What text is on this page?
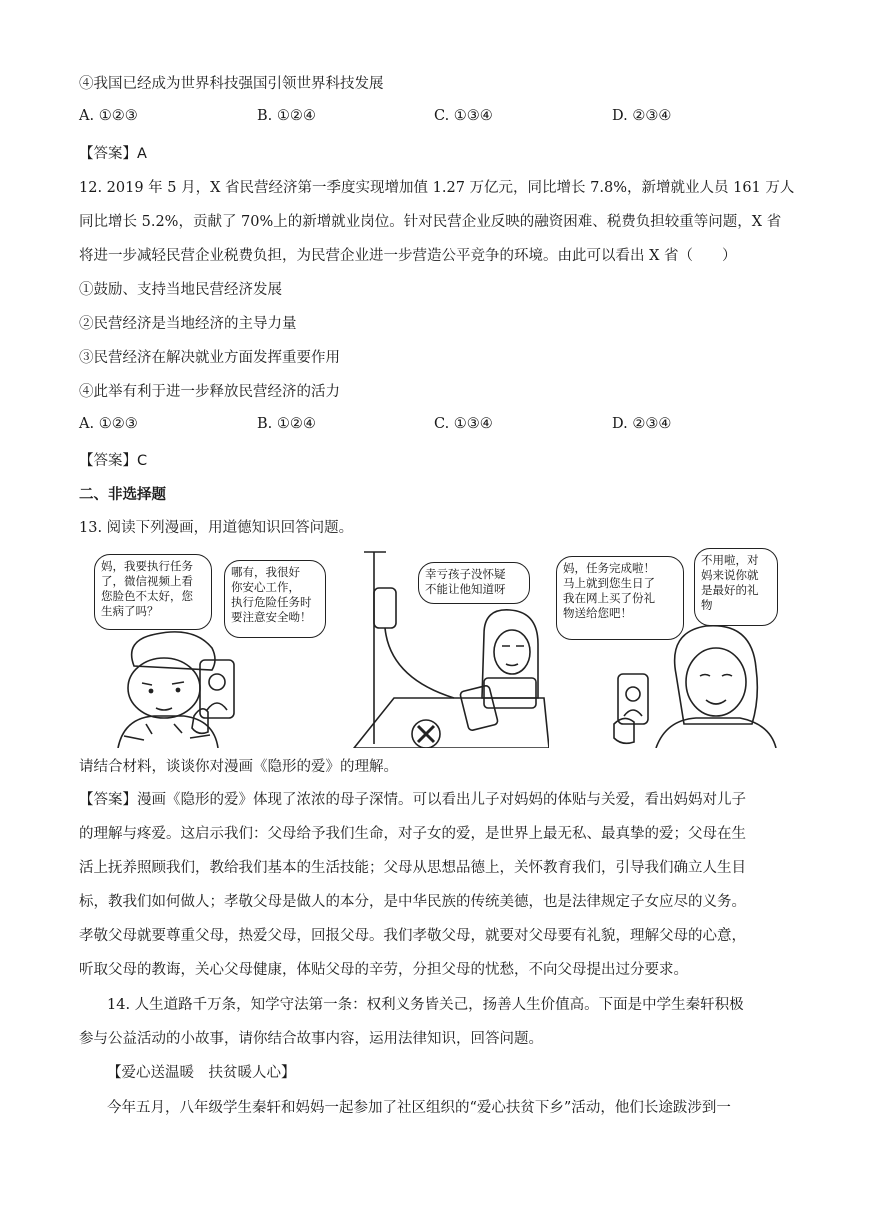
④我国已经成为世界科技强国引领世界科技发展
A. ①②③	B. ①②④	C. ①③④	D. ②③④
【答案】A
12. 2019 年 5 月，X 省民营经济第一季度实现增加值 1.27 万亿元，同比增长 7.8%，新增就业人员 161 万人
同比增长 5.2%，贡献了 70%上的新增就业岗位。针对民营企业反映的融资困难、税费负担较重等问题，X 省
将进一步减轻民营企业税费负担，为民营企业进一步营造公平竞争的环境。由此可以看出 X 省（　　）
①鼓励、支持当地民营经济发展
②民营经济是当地经济的主导力量
③民营经济在解决就业方面发挥重要作用
④此举有利于进一步释放民营经济的活力
A. ①②③	B. ①②④	C. ①③④	D. ②③④
【答案】C
二、非选择题
13. 阅读下列漫画，用道德知识回答问题。
妈，我要执行任务
了，微信视频上看
您脸色不太好，您
生病了吗？
哪有，我很好
你安心工作，
执行危险任务时
要注意安全呦！
幸亏孩子没怀疑
不能让他知道呀
妈，任务完成啦！
马上就到您生日了
我在网上买了份礼
物送给您吧！
不用啦，对
妈来说你就
是最好的礼
物
请结合材料，谈谈你对漫画《隐形的爱》的理解。
【答案】漫画《隐形的爱》体现了浓浓的母子深情。可以看出儿子对妈妈的体贴与关爱，看出妈妈对儿子
的理解与疼爱。这启示我们：父母给予我们生命，对子女的爱，是世界上最无私、最真挚的爱；父母在生
活上抚养照顾我们，教给我们基本的生活技能；父母从思想品德上，关怀教育我们，引导我们确立人生目
标，教我们如何做人；孝敬父母是做人的本分，是中华民族的传统美德，也是法律规定子女应尽的义务。
孝敬父母就要尊重父母，热爱父母，回报父母。我们孝敬父母，就要对父母要有礼貌，理解父母的心意，
听取父母的教诲，关心父母健康，体贴父母的辛劳，分担父母的忧愁，不向父母提出过分要求。
14. 人生道路千万条，知学守法第一条：权利义务皆关己，扬善人生价值高。下面是中学生秦轩积极
参与公益活动的小故事，请你结合故事内容，运用法律知识，回答问题。
【爱心送温暖　扶贫暖人心】
今年五月，八年级学生秦轩和妈妈一起参加了社区组织的“爱心扶贫下乡”活动，他们长途跋涉到一
